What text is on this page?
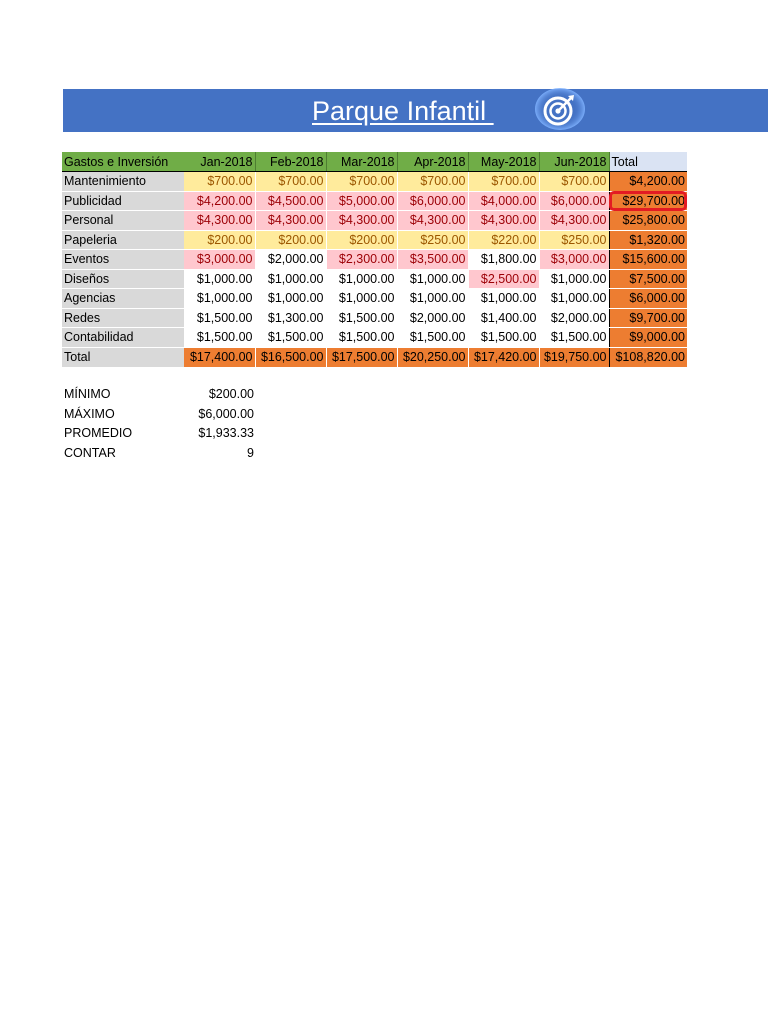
Parque Infantil
Gastos e Inversión	Jan-2018	Feb-2018	Mar-2018	Apr-2018	May-2018	Jun-2018	Total
Mantenimiento	$700.00	$700.00	$700.00	$700.00	$700.00	$700.00	$4,200.00
Publicidad	$4,200.00	$4,500.00	$5,000.00	$6,000.00	$4,000.00	$6,000.00	$29,700.00
Personal	$4,300.00	$4,300.00	$4,300.00	$4,300.00	$4,300.00	$4,300.00	$25,800.00
Papeleria	$200.00	$200.00	$200.00	$250.00	$220.00	$250.00	$1,320.00
Eventos	$3,000.00	$2,000.00	$2,300.00	$3,500.00	$1,800.00	$3,000.00	$15,600.00
Diseños	$1,000.00	$1,000.00	$1,000.00	$1,000.00	$2,500.00	$1,000.00	$7,500.00
Agencias	$1,000.00	$1,000.00	$1,000.00	$1,000.00	$1,000.00	$1,000.00	$6,000.00
Redes	$1,500.00	$1,300.00	$1,500.00	$2,000.00	$1,400.00	$2,000.00	$9,700.00
Contabilidad	$1,500.00	$1,500.00	$1,500.00	$1,500.00	$1,500.00	$1,500.00	$9,000.00
Total	$17,400.00	$16,500.00	$17,500.00	$20,250.00	$17,420.00	$19,750.00	$108,820.00
MÍNIMO	$200.00
MÁXIMO	$6,000.00
PROMEDIO	$1,933.33
CONTAR	9
